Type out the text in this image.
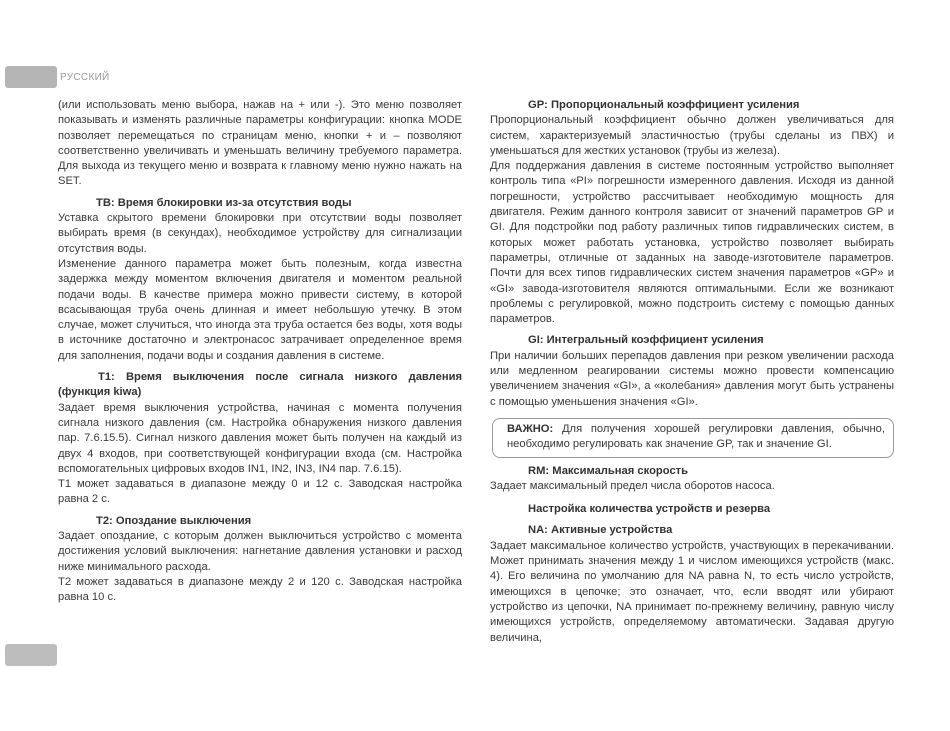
РУССКИЙ
(или использовать меню выбора, нажав на + или -). Это меню позволяет показывать и изменять различные параметры конфигурации: кнопка MODE позволяет перемещаться по страницам меню, кнопки + и – позволяют соответственно увеличивать и уменьшать величину требуемого параметра. Для выхода из текущего меню и возврата к главному меню нужно нажать на SET.
TB: Время блокировки из-за отсутствия воды
Уставка скрытого времени блокировки при отсутствии воды позволяет выбирать время (в секундах), необходимое устройству для сигнализации отсутствия воды.
Изменение данного параметра может быть полезным, когда известна задержка между моментом включения двигателя и моментом реальной подачи воды. В качестве примера можно привести систему, в которой всасывающая труба очень длинная и имеет небольшую утечку. В этом случае, может случиться, что иногда эта труба остается без воды, хотя воды в источнике достаточно и электронасос затрачивает определенное время для заполнения, подачи воды и создания давления в системе.
T1: Время выключения после сигнала низкого давления (функция kiwa)
Задает время выключения устройства, начиная с момента получения сигнала низкого давления (см. Настройка обнаружения низкого давления пар. 7.6.15.5). Сигнал низкого давления может быть получен на каждый из двух 4 входов, при соответствующей конфигурации входа (см. Настройка вспомогательных цифровых входов IN1, IN2, IN3, IN4 пар. 7.6.15).
T1 может задаваться в диапазоне между 0 и 12 с. Заводская настройка равна 2 с.
T2: Опоздание выключения
Задает опоздание, с которым должен выключиться устройство с момента достижения условий выключения: нагнетание давления установки и расход ниже минимального расхода.
T2 может задаваться в диапазоне между 2 и 120 с. Заводская настройка равна 10 с.
GP: Пропорциональный коэффициент усиления
Пропорциональный коэффициент обычно должен увеличиваться для систем, характеризуемый эластичностью (трубы сделаны из ПВХ) и уменьшаться для жестких установок (трубы из железа).
Для поддержания давления в системе постоянным устройство выполняет контроль типа «PI» погрешности измеренного давления. Исходя из данной погрешности, устройство рассчитывает необходимую мощность для двигателя. Режим данного контроля зависит от значений параметров GP и GI. Для подстройки под работу различных типов гидравлических систем, в которых может работать установка, устройство позволяет выбирать параметры, отличные от заданных на заводе-изготовителе параметров. Почти для всех типов гидравлических систем значения параметров «GP» и «GI» завода-изготовителя являются оптимальными. Если же возникают проблемы с регулировкой, можно подстроить систему с помощью данных параметров.
GI: Интегральный коэффициент усиления
При наличии больших перепадов давления при резком увеличении расхода или медленном реагировании системы можно провести компенсацию увеличением значения «GI», а «колебания» давления могут быть устранены с помощью уменьшения значения «GI».
ВАЖНО: Для получения хорошей регулировки давления, обычно, необходимо регулировать как значение GP, так и значение GI.
RM: Максимальная скорость
Задает максимальный предел числа оборотов насоса.
Настройка количества устройств и резерва
NA: Активные устройства
Задает максимальное количество устройств, участвующих в перекачивании. Может принимать значения между 1 и числом имеющихся устройств (макс. 4). Его величина по умолчанию для NA равна N, то есть число устройств, имеющихся в цепочке; это означает, что, если вводят или убирают устройство из цепочки, NA принимает по-прежнему величину, равную числу имеющихся устройств, определяемому автоматически. Задавая другую величина,
